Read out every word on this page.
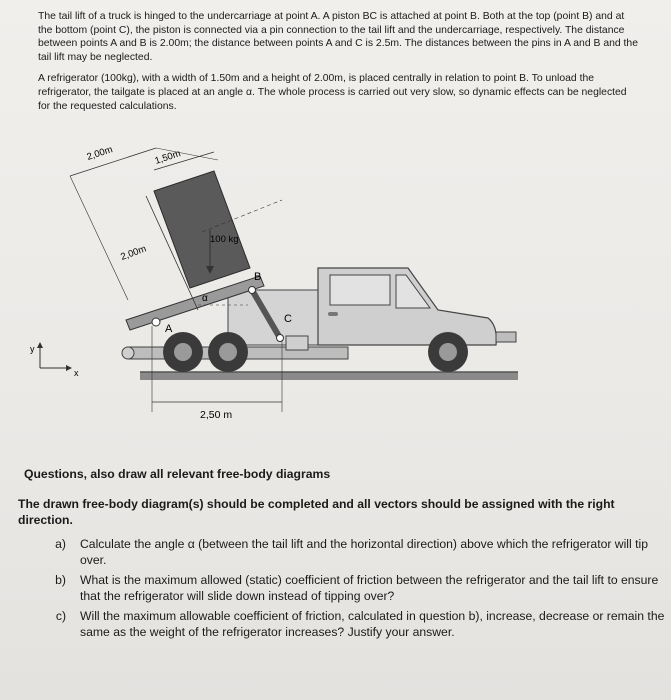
The tail lift of a truck is hinged to the undercarriage at point A. A piston BC is attached at point B. Both at the top (point B) and at the bottom (point C), the piston is connected via a pin connection to the tail lift and the undercarriage, respectively. The distance between points A and B is 2.00m; the distance between points A and C is 2.5m. The distances between the pins in A and B and the tail lift may be neglected.

A refrigerator (100kg), with a width of 1.50m and a height of 2.00m, is placed centrally in relation to point B. To unload the refrigerator, the tailgate is placed at an angle α. The whole process is carried out very slow, so dynamic effects can be neglected for the requested calculations.

2,00m	1,50m
2,00m
100 kg
α
A
B
C
2,50 m
y
x
Questions, also draw all relevant free-body diagrams
The drawn free-body diagram(s) should be completed and all vectors should be assigned with the right direction.
a)	Calculate the angle α (between the tail lift and the horizontal direction) above which the refrigerator will tip over.
b)	What is the maximum allowed (static) coefficient of friction between the refrigerator and the tail lift to ensure that the refrigerator will slide down instead of tipping over?
c)	Will the maximum allowable coefficient of friction, calculated in question b), increase, decrease or remain the same as the weight of the refrigerator increases? Justify your answer.
